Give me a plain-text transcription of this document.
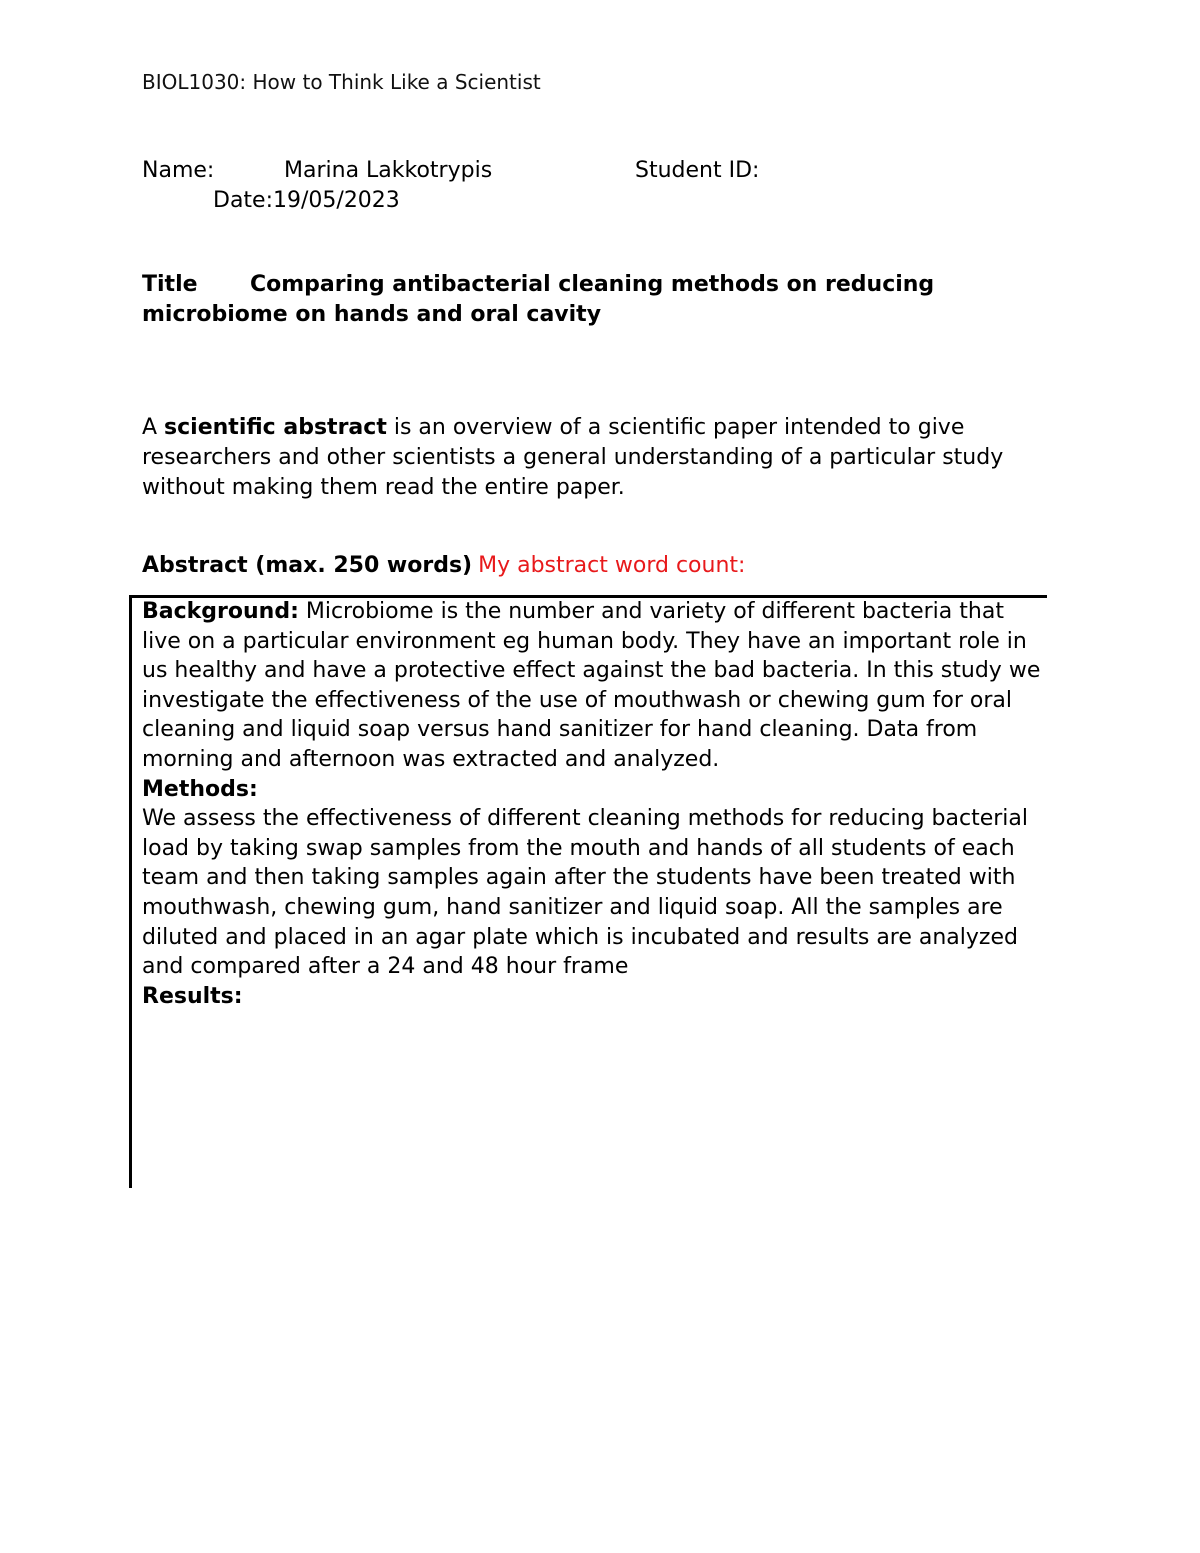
BIOL1030: How to Think Like a Scientist
Name:	Marina Lakkotrypis	Student ID:
Date:19/05/2023
Title Comparing antibacterial cleaning methods on reducing microbiome on hands and oral cavity
A scientific abstract is an overview of a scientific paper intended to give researchers and other scientists a general understanding of a particular study without making them read the entire paper.
Abstract (max. 250 words) My abstract word count:

Background: Microbiome is the number and variety of different bacteria that live on a particular environment eg human body. They have an important role in us healthy and have a protective effect against the bad bacteria. In this study we investigate the effectiveness of the use of mouthwash or chewing gum for oral cleaning and liquid soap versus hand sanitizer for hand cleaning. Data from morning and afternoon was extracted and analyzed.

Methods:

We assess the effectiveness of different cleaning methods for reducing bacterial load by taking swap samples from the mouth and hands of all students of each team and then taking samples again after the students have been treated with mouthwash, chewing gum, hand sanitizer and liquid soap. All the samples are diluted and placed in an agar plate which is incubated and results are analyzed and compared after a 24 and 48 hour frame

Results:
